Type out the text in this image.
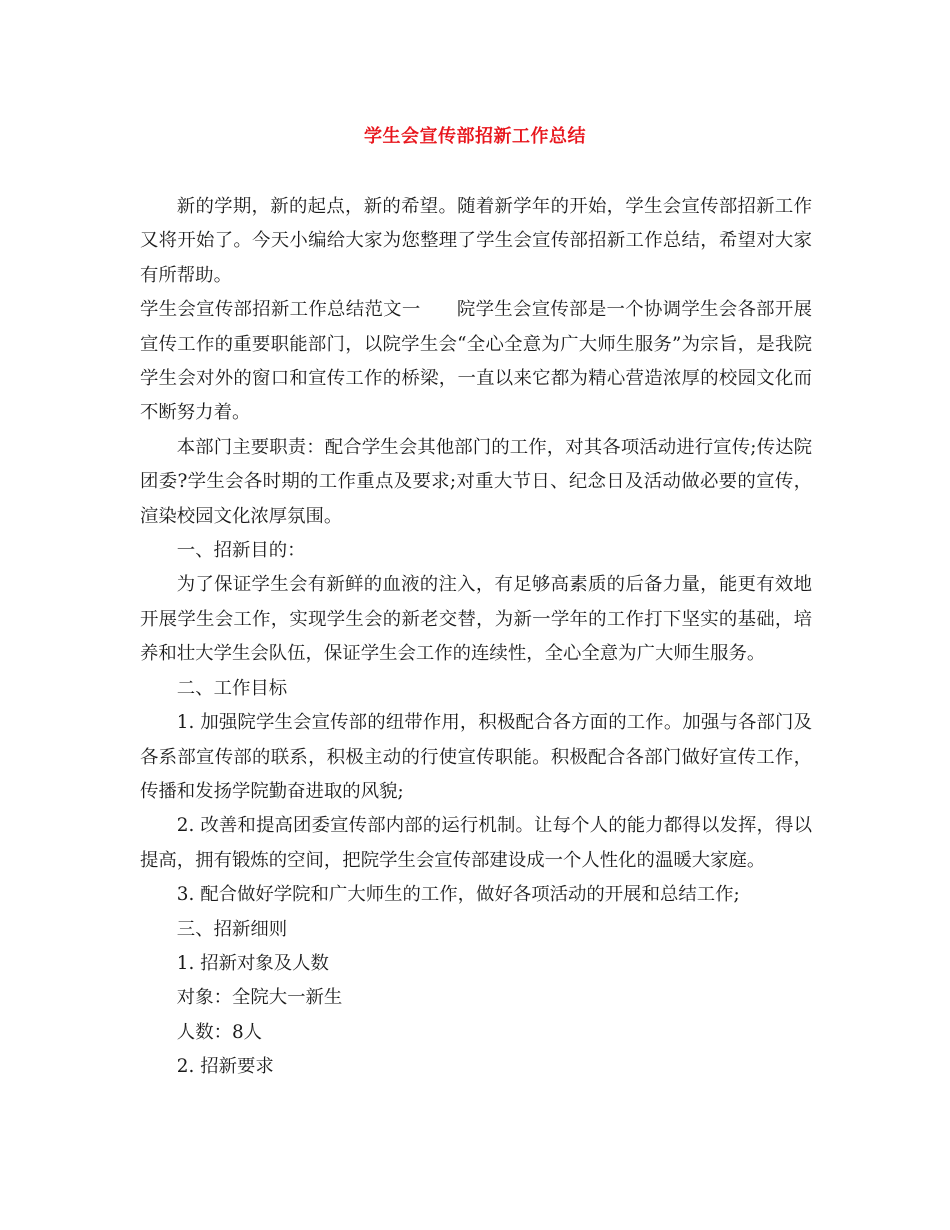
学生会宣传部招新工作总结

新的学期，新的起点，新的希望。随着新学年的开始，学生会宣传部招新工作又将开始了。今天小编给大家为您整理了学生会宣传部招新工作总结，希望对大家有所帮助。

学生会宣传部招新工作总结范文一 院学生会宣传部是一个协调学生会各部开展宣传工作的重要职能部门，以院学生会“全心全意为广大师生服务”为宗旨，是我院学生会对外的窗口和宣传工作的桥梁，一直以来它都为精心营造浓厚的校园文化而不断努力着。

本部门主要职责：配合学生会其他部门的工作，对其各项活动进行宣传;传达院团委?学生会各时期的工作重点及要求;对重大节日、纪念日及活动做必要的宣传，渲染校园文化浓厚氛围。

一、招新目的：

为了保证学生会有新鲜的血液的注入，有足够高素质的后备力量，能更有效地开展学生会工作，实现学生会的新老交替，为新一学年的工作打下坚实的基础，培养和壮大学生会队伍，保证学生会工作的连续性，全心全意为广大师生服务。

二、工作目标

1. 加强院学生会宣传部的纽带作用，积极配合各方面的工作。加强与各部门及各系部宣传部的联系，积极主动的行使宣传职能。积极配合各部门做好宣传工作，传播和发扬学院勤奋进取的风貌;

2. 改善和提高团委宣传部内部的运行机制。让每个人的能力都得以发挥，得以提高，拥有锻炼的空间，把院学生会宣传部建设成一个人性化的温暖大家庭。

3. 配合做好学院和广大师生的工作，做好各项活动的开展和总结工作;

三、招新细则

1. 招新对象及人数

对象：全院大一新生

人数：8人

2. 招新要求
